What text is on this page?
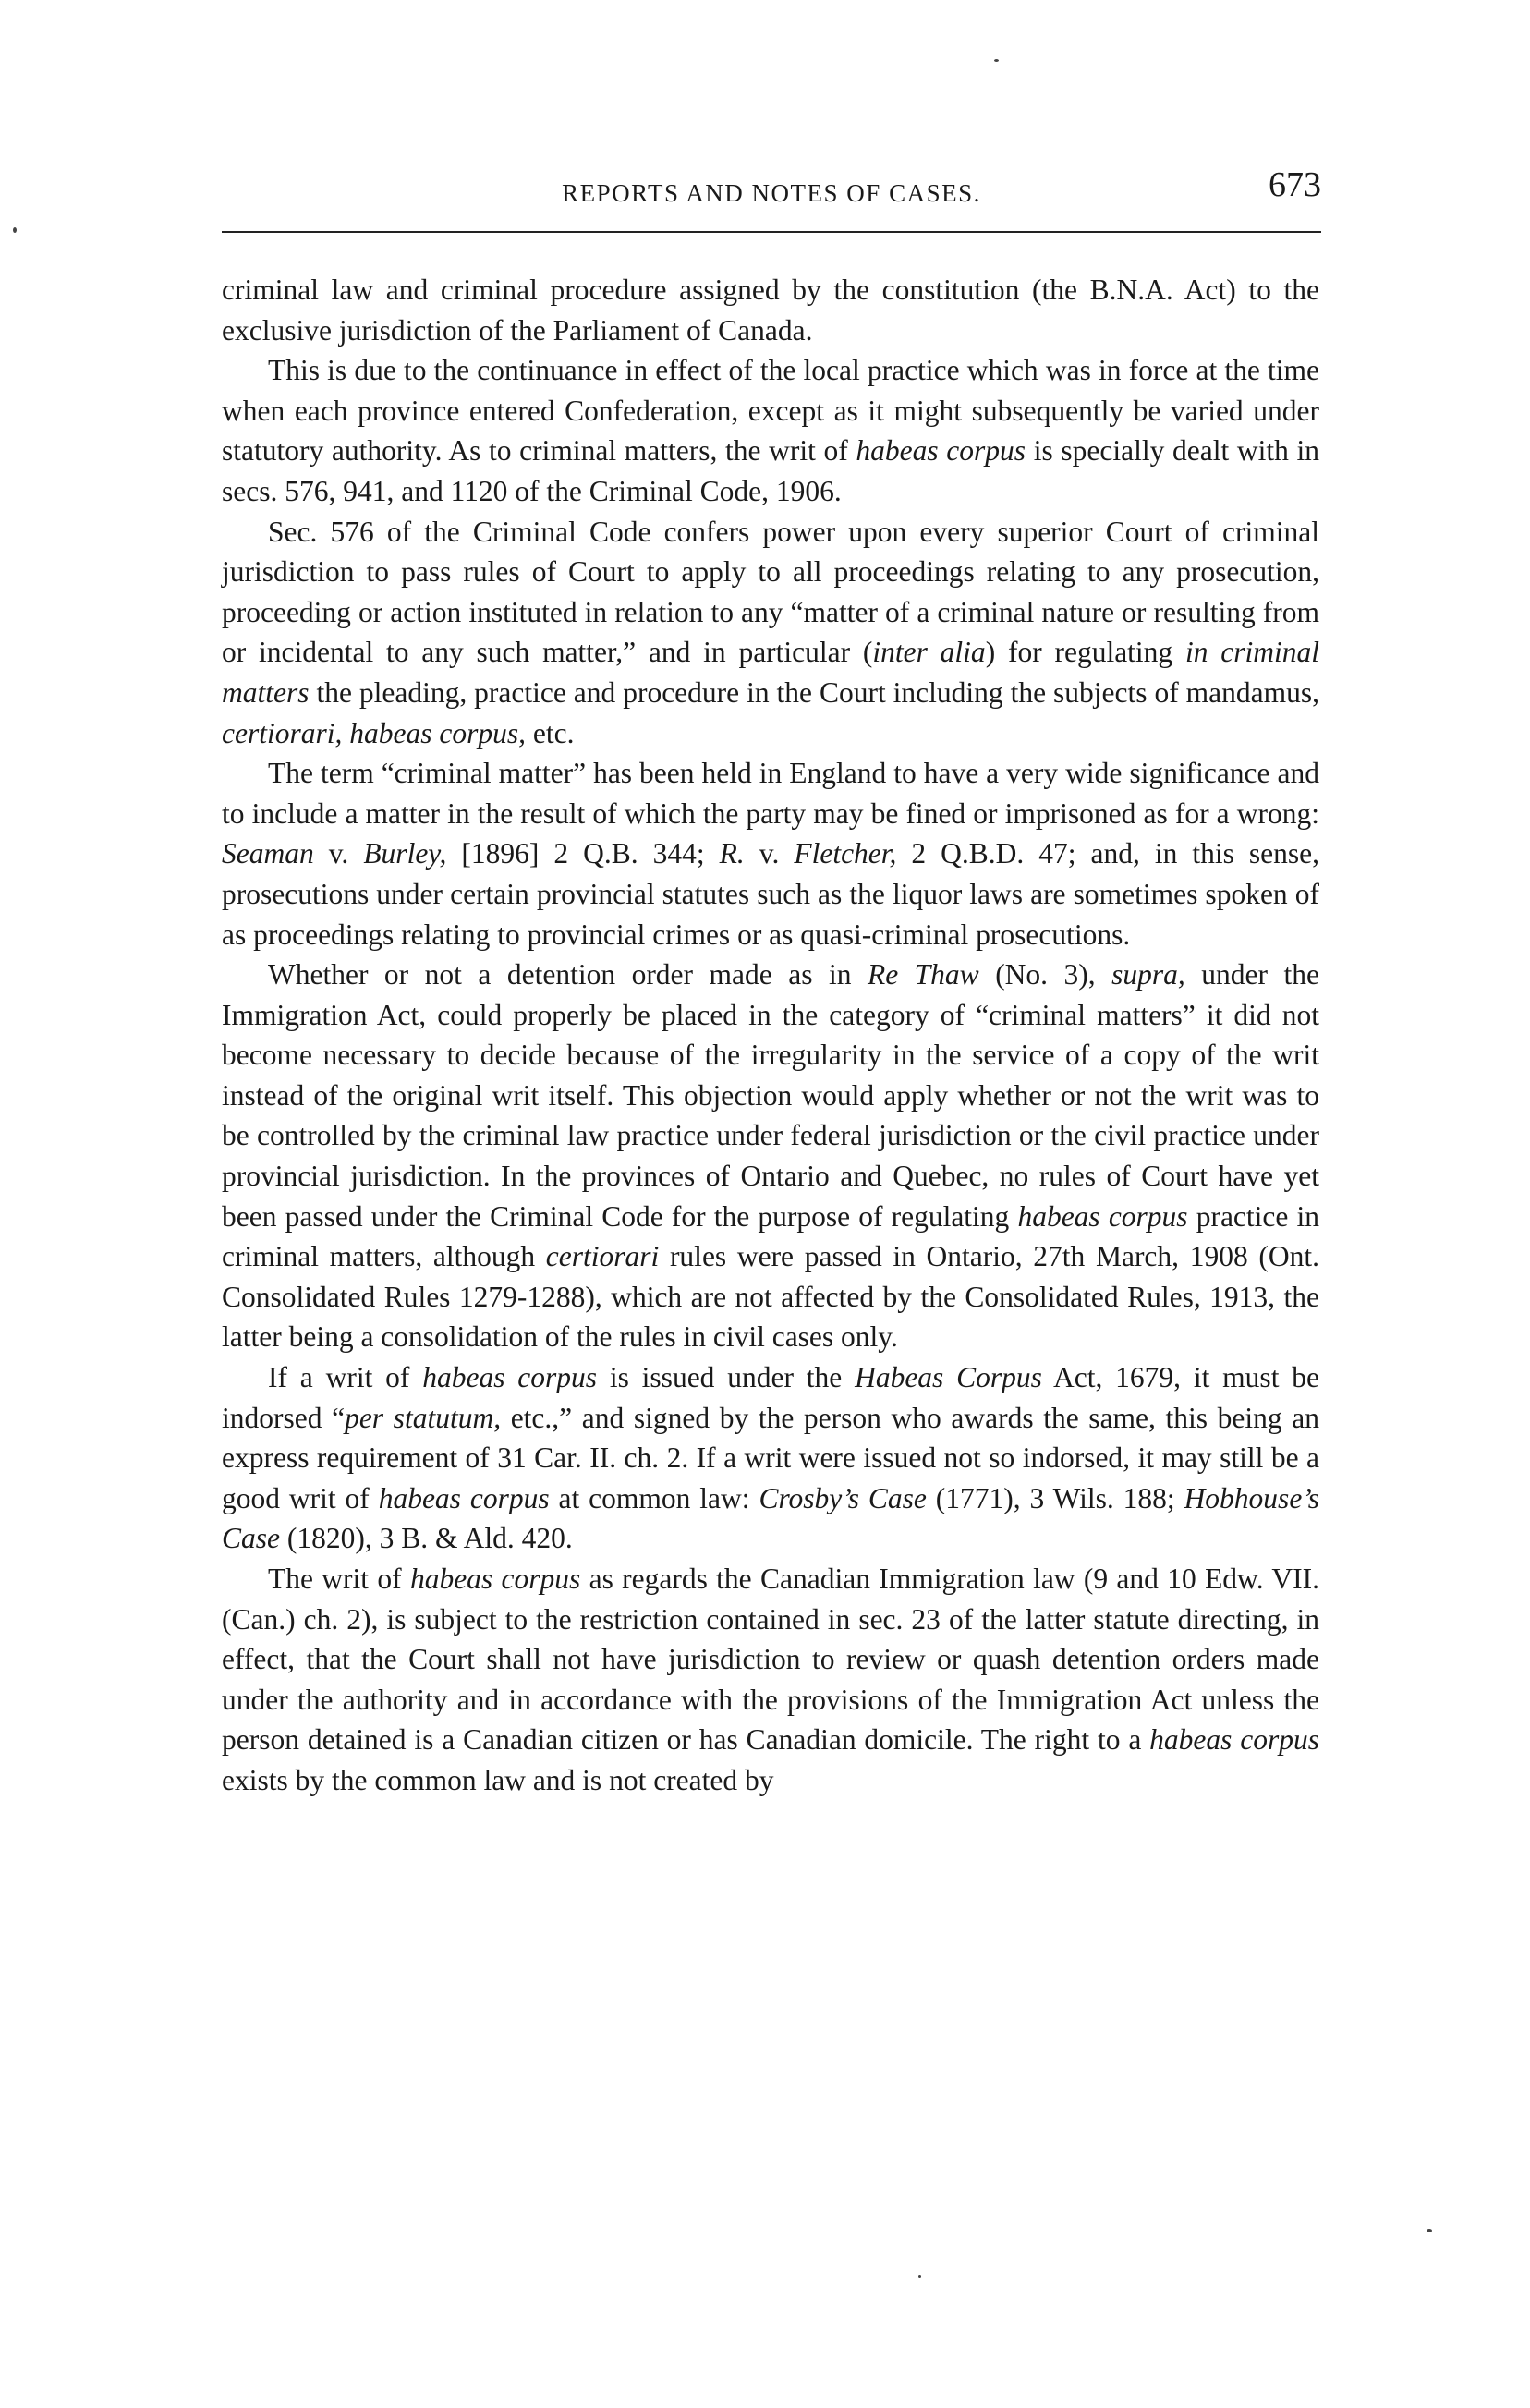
REPORTS AND NOTES OF CASES.	673

criminal law and criminal procedure assigned by the constitution (the B.N.A. Act) to the exclusive jurisdiction of the Parliament of Canada.

This is due to the continuance in effect of the local practice which was in force at the time when each province entered Confederation, except as it might subsequently be varied under statutory authority. As to criminal matters, the writ of habeas corpus is specially dealt with in secs. 576, 941, and 1120 of the Criminal Code, 1906.

Sec. 576 of the Criminal Code confers power upon every superior Court of criminal jurisdiction to pass rules of Court to apply to all proceedings relating to any prosecution, proceeding or action instituted in relation to any “matter of a criminal nature or resulting from or incidental to any such matter,” and in particular (inter alia) for regulating in criminal matters the pleading, practice and procedure in the Court including the subjects of mandamus, certiorari, habeas corpus, etc.

The term “criminal matter” has been held in England to have a very wide significance and to include a matter in the result of which the party may be fined or imprisoned as for a wrong: Seaman v. Burley, [1896] 2 Q.B. 344; R. v. Fletcher, 2 Q.B.D. 47; and, in this sense, prosecutions under certain provincial statutes such as the liquor laws are sometimes spoken of as proceedings relating to provincial crimes or as quasi-criminal prosecutions.

Whether or not a detention order made as in Re Thaw (No. 3), supra, under the Immigration Act, could properly be placed in the category of “criminal matters” it did not become necessary to decide because of the irregularity in the service of a copy of the writ instead of the original writ itself. This objection would apply whether or not the writ was to be controlled by the criminal law practice under federal jurisdiction or the civil practice under provincial jurisdiction. In the provinces of Ontario and Quebec, no rules of Court have yet been passed under the Criminal Code for the purpose of regulating habeas corpus practice in criminal matters, although certiorari rules were passed in Ontario, 27th March, 1908 (Ont. Consolidated Rules 1279-1288), which are not affected by the Consolidated Rules, 1913, the latter being a consolidation of the rules in civil cases only.

If a writ of habeas corpus is issued under the Habeas Corpus Act, 1679, it must be indorsed “per statutum, etc.,” and signed by the person who awards the same, this being an express requirement of 31 Car. II. ch. 2. If a writ were issued not so indorsed, it may still be a good writ of habeas corpus at common law: Crosby’s Case (1771), 3 Wils. 188; Hobhouse’s Case (1820), 3 B. & Ald. 420.

The writ of habeas corpus as regards the Canadian Immigration law (9 and 10 Edw. VII. (Can.) ch. 2), is subject to the restriction contained in sec. 23 of the latter statute directing, in effect, that the Court shall not have jurisdiction to review or quash detention orders made under the authority and in accordance with the provisions of the Immigration Act unless the person detained is a Canadian citizen or has Canadian domicile. The right to a habeas corpus exists by the common law and is not created by
